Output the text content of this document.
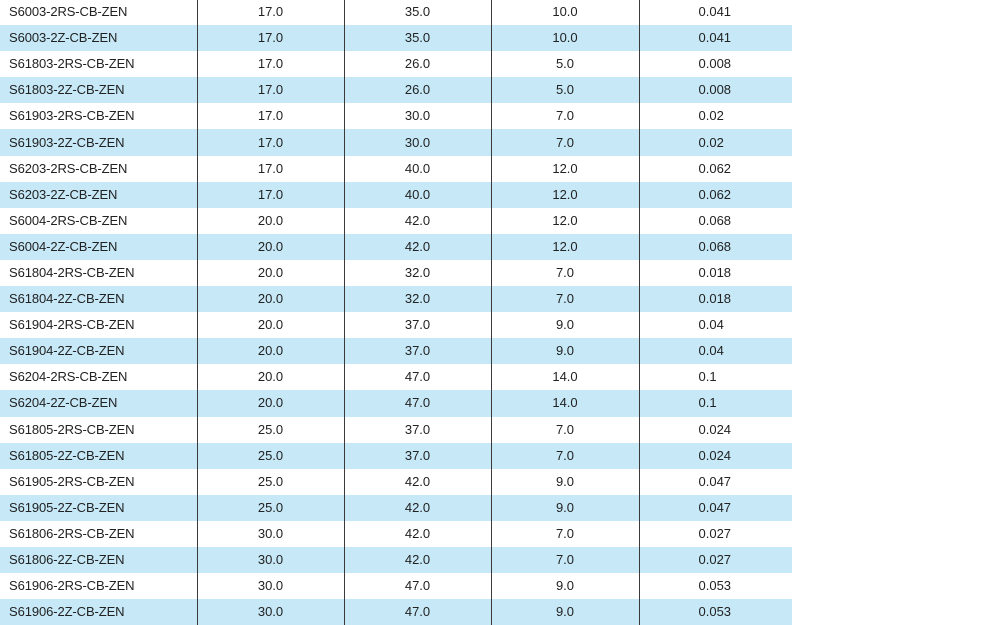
S6003-2RS-CB-ZEN	17.0	35.0	10.0	0.041
S6003-2Z-CB-ZEN	17.0	35.0	10.0	0.041
S61803-2RS-CB-ZEN	17.0	26.0	5.0	0.008
S61803-2Z-CB-ZEN	17.0	26.0	5.0	0.008
S61903-2RS-CB-ZEN	17.0	30.0	7.0	0.02
S61903-2Z-CB-ZEN	17.0	30.0	7.0	0.02
S6203-2RS-CB-ZEN	17.0	40.0	12.0	0.062
S6203-2Z-CB-ZEN	17.0	40.0	12.0	0.062
S6004-2RS-CB-ZEN	20.0	42.0	12.0	0.068
S6004-2Z-CB-ZEN	20.0	42.0	12.0	0.068
S61804-2RS-CB-ZEN	20.0	32.0	7.0	0.018
S61804-2Z-CB-ZEN	20.0	32.0	7.0	0.018
S61904-2RS-CB-ZEN	20.0	37.0	9.0	0.04
S61904-2Z-CB-ZEN	20.0	37.0	9.0	0.04
S6204-2RS-CB-ZEN	20.0	47.0	14.0	0.1
S6204-2Z-CB-ZEN	20.0	47.0	14.0	0.1
S61805-2RS-CB-ZEN	25.0	37.0	7.0	0.024
S61805-2Z-CB-ZEN	25.0	37.0	7.0	0.024
S61905-2RS-CB-ZEN	25.0	42.0	9.0	0.047
S61905-2Z-CB-ZEN	25.0	42.0	9.0	0.047
S61806-2RS-CB-ZEN	30.0	42.0	7.0	0.027
S61806-2Z-CB-ZEN	30.0	42.0	7.0	0.027
S61906-2RS-CB-ZEN	30.0	47.0	9.0	0.053
S61906-2Z-CB-ZEN	30.0	47.0	9.0	0.053
